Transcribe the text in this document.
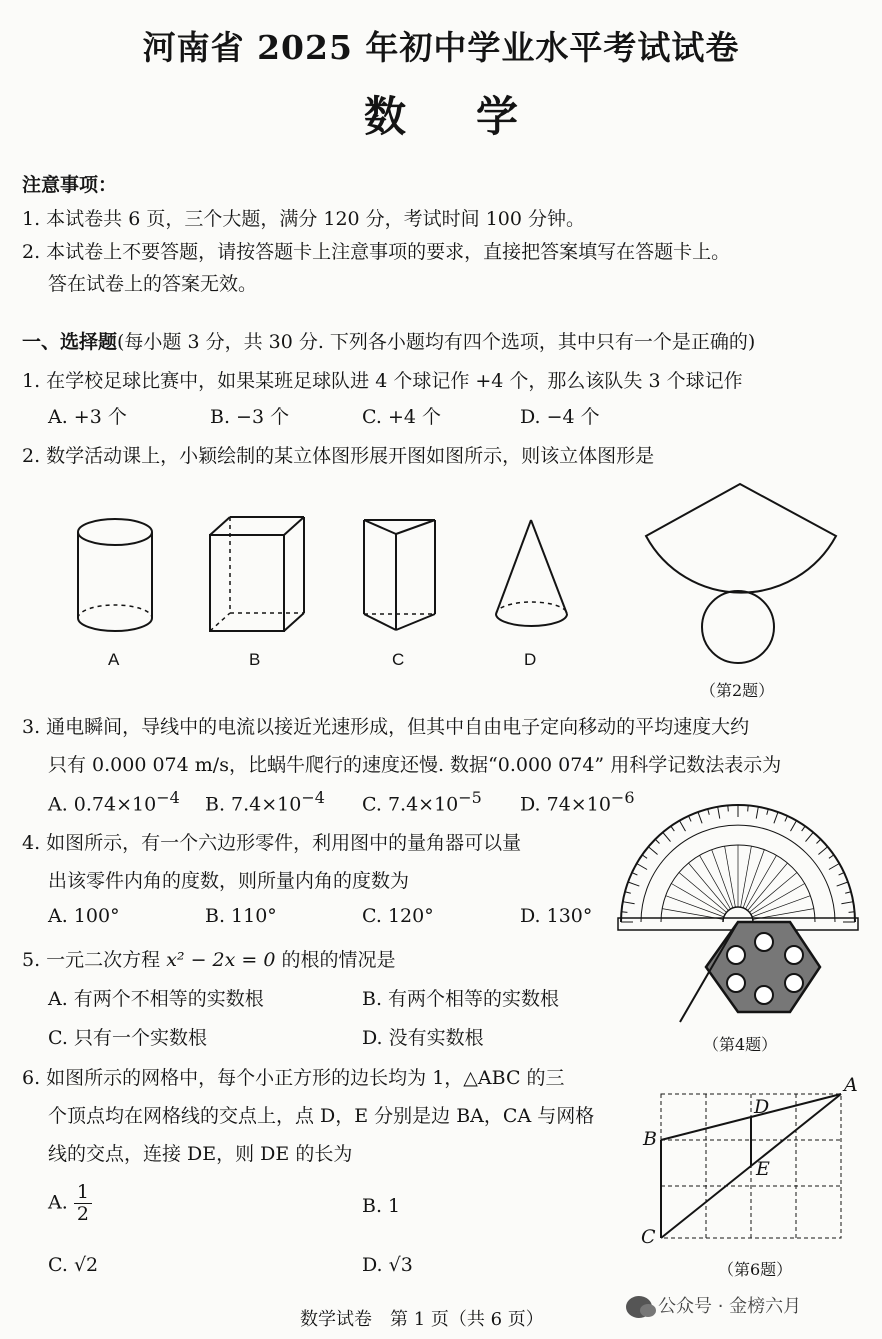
河南省 2025 年初中学业水平考试试卷
数学
注意事项：
1. 本试卷共 6 页，三个大题，满分 120 分，考试时间 100 分钟。
2. 本试卷上不要答题，请按答题卡上注意事项的要求，直接把答案填写在答题卡上。
答在试卷上的答案无效。
一、选择题(每小题 3 分，共 30 分. 下列各小题均有四个选项，其中只有一个是正确的)
1. 在学校足球比赛中，如果某班足球队进 4 个球记作 +4 个，那么该队失 3 个球记作
A. +3 个	B. −3 个	C. +4 个	D. −4 个
2. 数学活动课上，小颖绘制的某立体图形展开图如图所示，则该立体图形是
A	B	C	D
（第2题）
3. 通电瞬间，导线中的电流以接近光速形成，但其中自由电子定向移动的平均速度大约
只有 0.000 074 m/s，比蜗牛爬行的速度还慢. 数据“0.000 074” 用科学记数法表示为
A. $0.74\times 10^{-4}$ B. $7.4\times 10^{-4}$ C. $7.4\times 10^{-5}$ D. $74\times 10^{-6}$
4. 如图所示，有一个六边形零件，利用图中的量角器可以量
出该零件内角的度数，则所量内角的度数为
A. 100°	B. 110°	C. 120°	D. 130°
（第4题）
5. 一元二次方程 x² − 2x = 0 的根的情况是
A. 有两个不相等的实数根	B. 有两个相等的实数根
C. 只有一个实数根	D. 没有实数根
6. 如图所示的网格中，每个小正方形的边长均为 1，△ABC 的三
个顶点均在网格线的交点上，点 D，E 分别是边 BA，CA 与网格
线的交点，连接 DE，则 DE 的长为
A. $\frac{1}{2}$	B. 1
C. √2	D. √3
A
B
C
D
E
（第6题）
数学试卷　第 1 页（共 6 页）
公众号 · 金榜六月
